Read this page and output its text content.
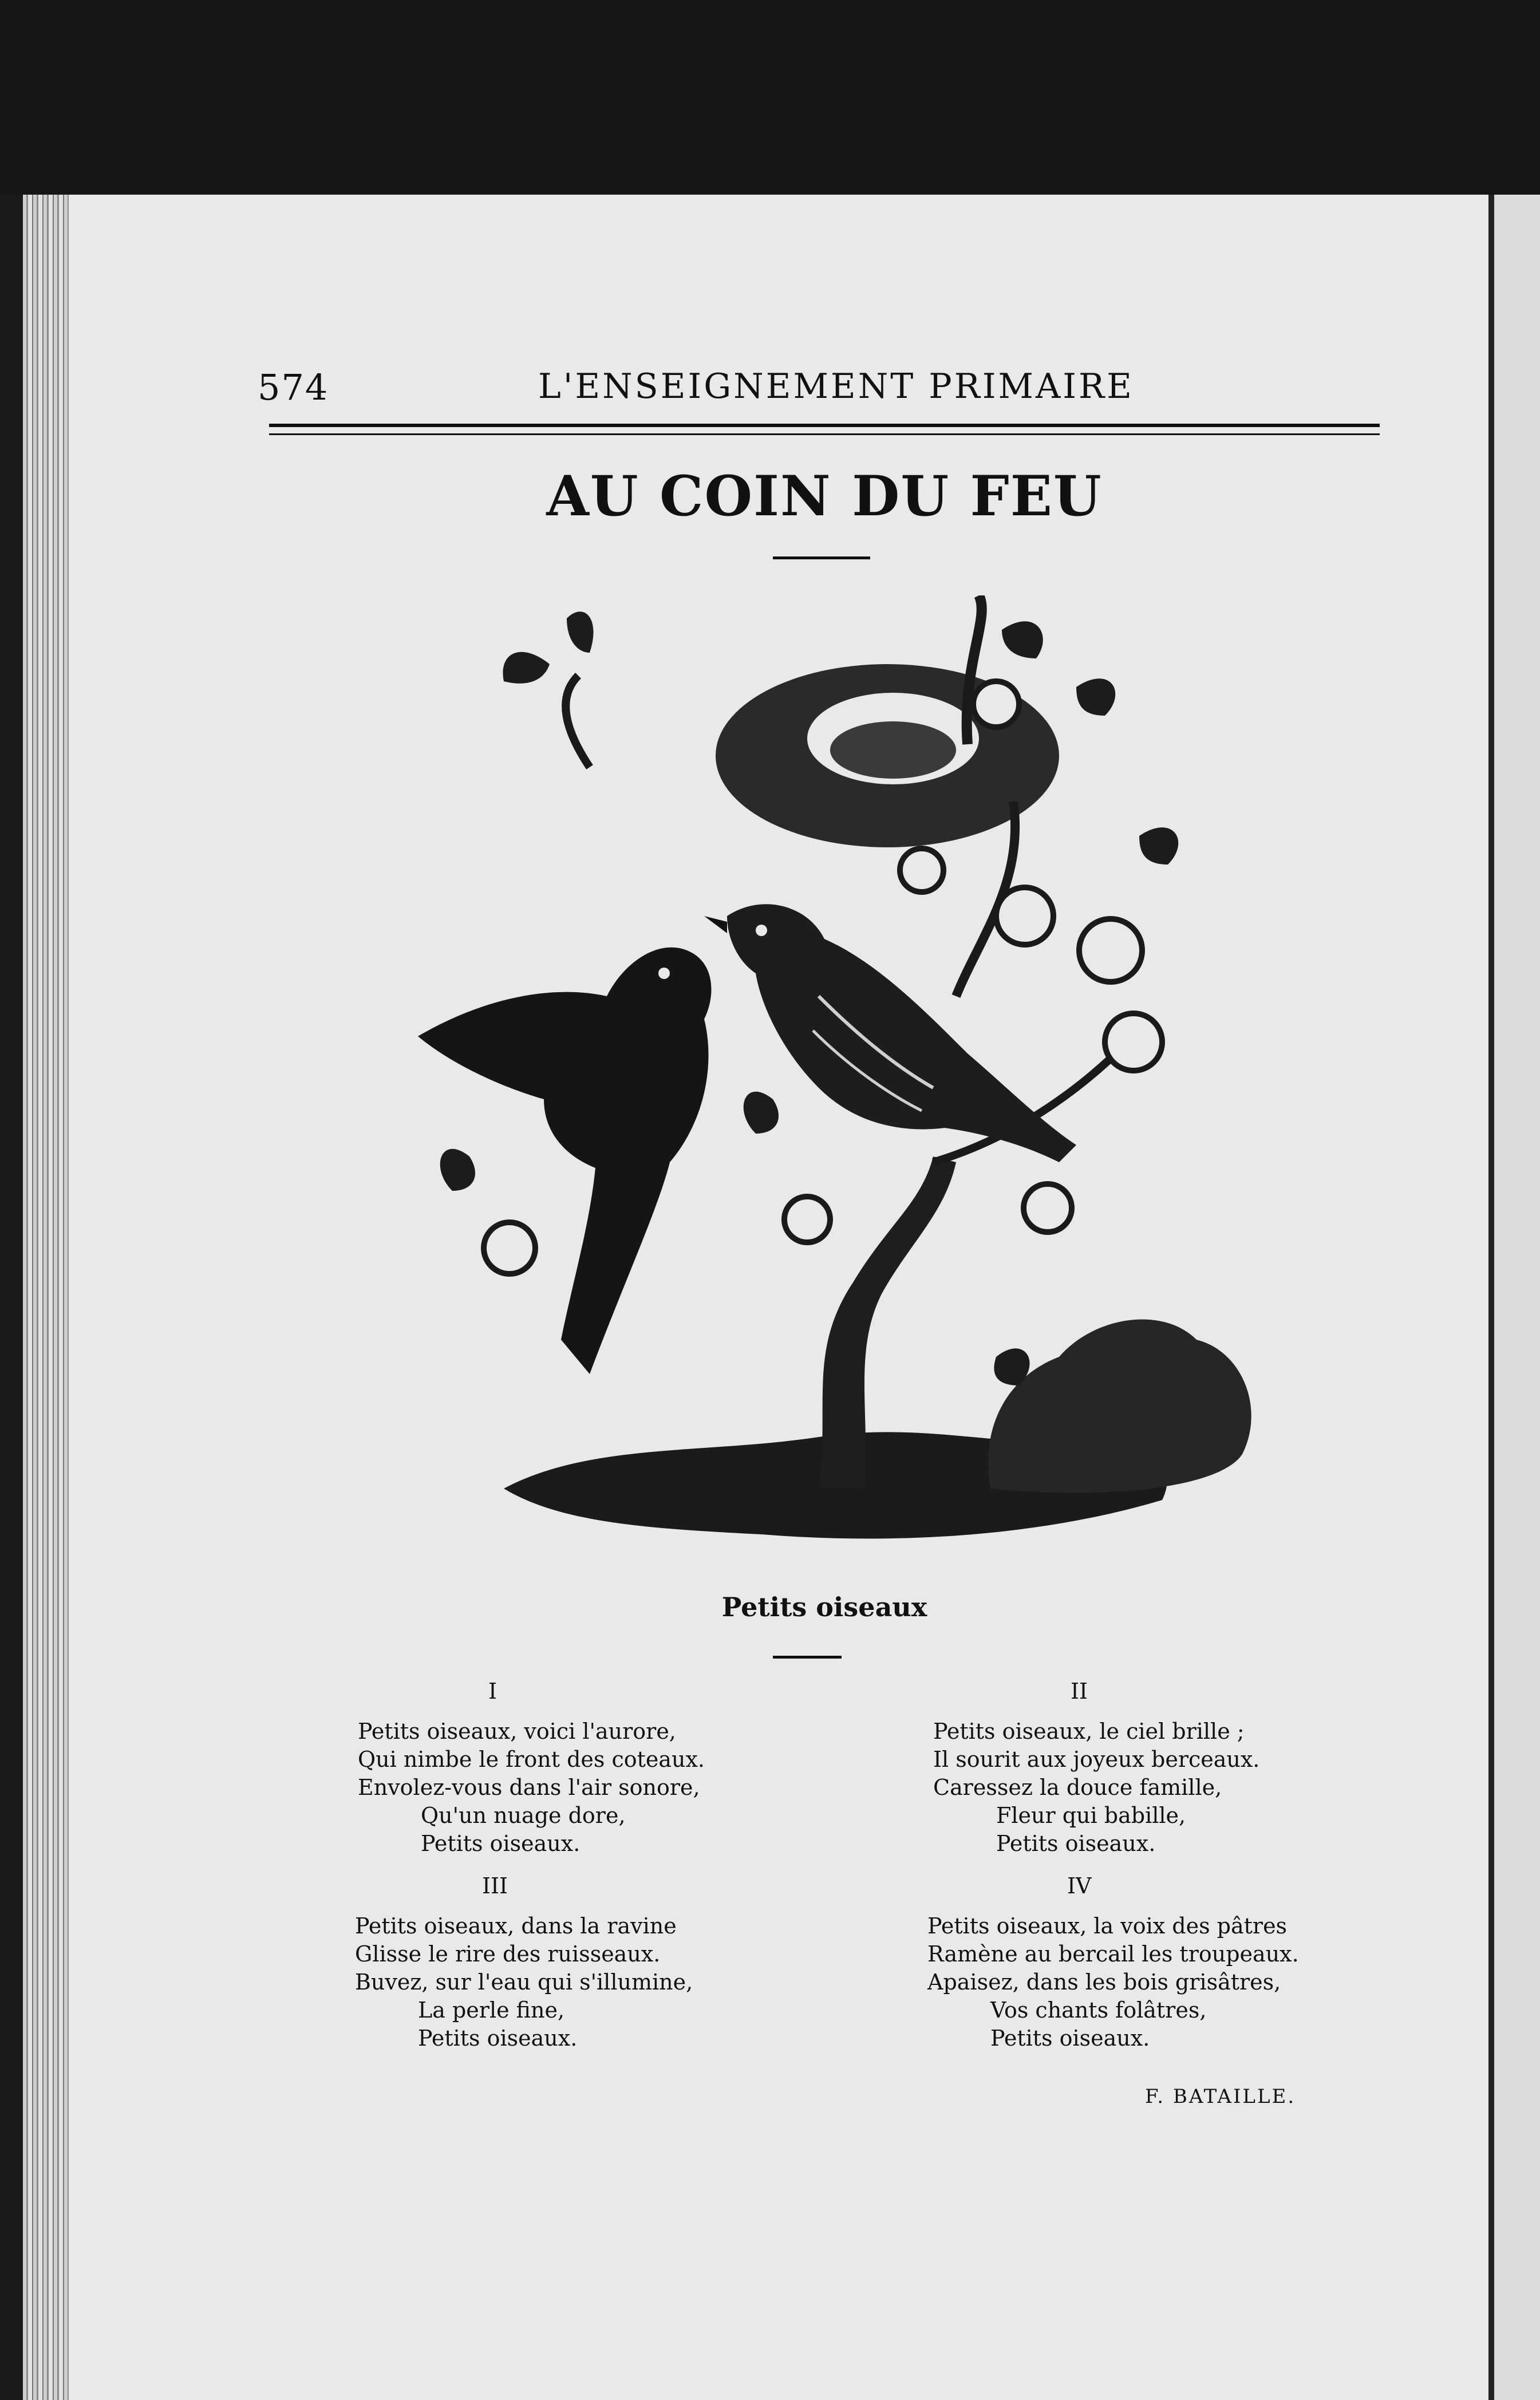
574	L'ENSEIGNEMENT PRIMAIRE
AU COIN DU FEU
Petits oiseaux
I
Petits oiseaux, voici l'aurore,
Qui nimbe le front des coteaux.
Envolez-vous dans l'air sonore,
Qu'un nuage dore,
Petits oiseaux.
II
Petits oiseaux, le ciel brille ;
Il sourit aux joyeux berceaux.
Caressez la douce famille,
Fleur qui babille,
Petits oiseaux.
III
Petits oiseaux, dans la ravine
Glisse le rire des ruisseaux.
Buvez, sur l'eau qui s'illumine,
La perle fine,
Petits oiseaux.
IV
Petits oiseaux, la voix des pâtres
Ramène au bercail les troupeaux.
Apaisez, dans les bois grisâtres,
Vos chants folâtres,
Petits oiseaux.
F. BATAILLE.
